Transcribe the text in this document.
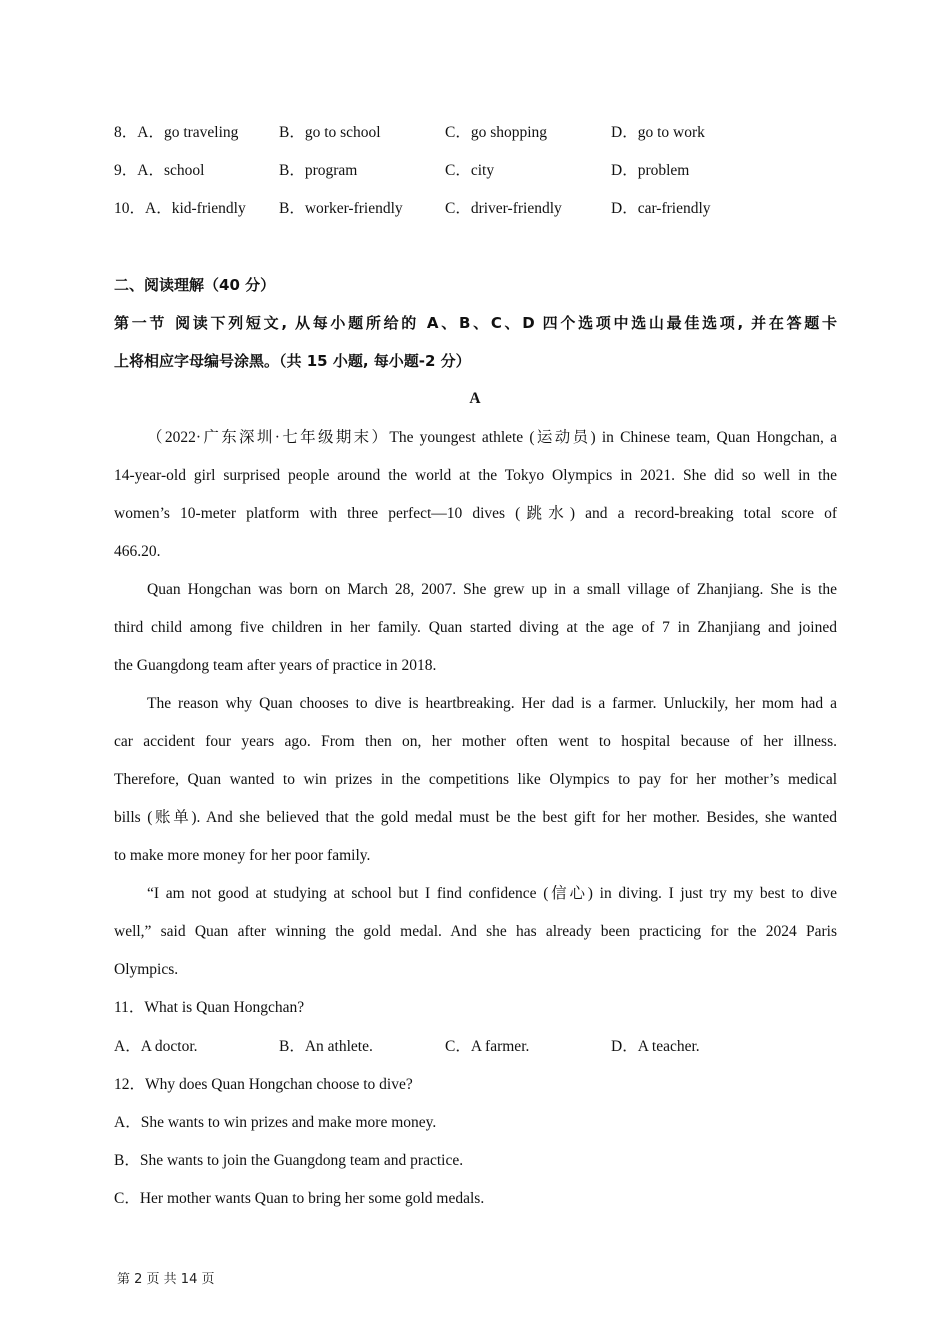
8．A．go traveling	B．go to school	C．go shopping	D．go to work
9．A．school	B．program	C．city	D．problem
10．A．kid-friendly B．worker-friendly	C．driver-friendly	D．car-friendly
二、阅读理解（40 分）
第一节 阅读下列短文, 从每小题所给的 A、B、C、D 四个选项中选山最佳选项, 并在答题卡
上将相应字母编号涂黑。（共 15 小题, 每小题-2 分）
A
（2022·广东深圳·七年级期末）The youngest athlete (运动员) in Chinese team, Quan Hongchan, a
14-year-old girl surprised people around the world at the Tokyo Olympics in 2021. She did so well in the
women’s 10-meter platform with three perfect—10 dives (跳水) and a record-breaking total score of
466.20.
Quan Hongchan was born on March 28, 2007. She grew up in a small village of Zhanjiang. She is the
third child among five children in her family. Quan started diving at the age of 7 in Zhanjiang and joined
the Guangdong team after years of practice in 2018.
The reason why Quan chooses to dive is heartbreaking. Her dad is a farmer. Unluckily, her mom had a
car accident four years ago. From then on, her mother often went to hospital because of her illness.
Therefore, Quan wanted to win prizes in the competitions like Olympics to pay for her mother’s medical
bills (账单). And she believed that the gold medal must be the best gift for her mother. Besides, she wanted
to make more money for her poor family.
“I am not good at studying at school but I find confidence (信心) in diving. I just try my best to dive
well,” said Quan after winning the gold medal. And she has already been practicing for the 2024 Paris
Olympics.
11．What is Quan Hongchan?
A．A doctor.	B．An athlete.	C．A farmer.	D．A teacher.
12．Why does Quan Hongchan choose to dive?
A．She wants to win prizes and make more money.
B．She wants to join the Guangdong team and practice.
C．Her mother wants Quan to bring her some gold medals.
第 2 页 共 14 页
